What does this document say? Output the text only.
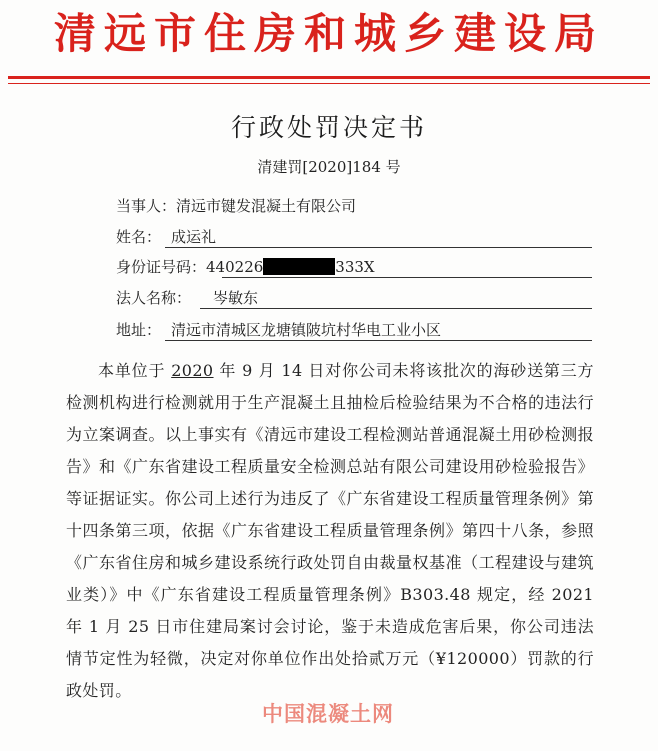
清远市住房和城乡建设局
行政处罚决定书
清建罚[2020]184 号
当事人：清远市键发混凝土有限公司
姓名： 成运礼
身份证号码：440226	333X
法人名称： 岑敏东
地址： 清远市清城区龙塘镇陂坑村华电工业小区
本单位于 2020 年 9 月 14 日对你公司未将该批次的海砂送第三方检测机构进行检测就用于生产混凝土且抽检后检验结果为不合格的违法行为立案调查。以上事实有《清远市建设工程检测站普通混凝土用砂检测报告》和《广东省建设工程质量安全检测总站有限公司建设用砂检验报告》等证据证实。你公司上述行为违反了《广东省建设工程质量管理条例》第十四条第三项，依据《广东省建设工程质量管理条例》第四十八条，参照《广东省住房和城乡建设系统行政处罚自由裁量权基准（工程建设与建筑业类）》中《广东省建设工程质量管理条例》B303.48 规定，经 2021 年 1 月 25 日市住建局案讨会讨论，鉴于未造成危害后果，你公司违法情节定性为轻微，决定对你单位作出处拾贰万元（¥120000）罚款的行政处罚。
中国混凝土网
